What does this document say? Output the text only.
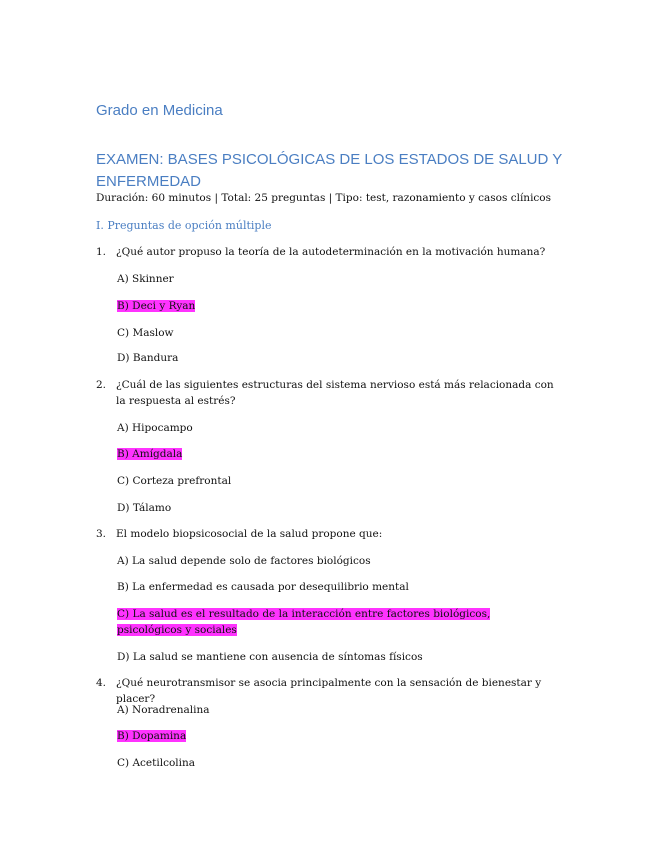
Grado en Medicina
EXAMEN: BASES PSICOLÓGICAS DE LOS ESTADOS DE SALUD Y ENFERMEDAD
Duración: 60 minutos | Total: 25 preguntas | Tipo: test, razonamiento y casos clínicos
I. Preguntas de opción múltiple
1. ¿Qué autor propuso la teoría de la autodeterminación en la motivación humana?
A) Skinner
B) Deci y Ryan
C) Maslow
D) Bandura
2. ¿Cuál de las siguientes estructuras del sistema nervioso está más relacionada con la respuesta al estrés?
A) Hipocampo
B) Amígdala
C) Corteza prefrontal
D) Tálamo
3. El modelo biopsicosocial de la salud propone que:
A) La salud depende solo de factores biológicos
B) La enfermedad es causada por desequilibrio mental
C) La salud es el resultado de la interacción entre factores biológicos, psicológicos y sociales
D) La salud se mantiene con ausencia de síntomas físicos
4. ¿Qué neurotransmisor se asocia principalmente con la sensación de bienestar y placer?
A) Noradrenalina
B) Dopamina
C) Acetilcolina
